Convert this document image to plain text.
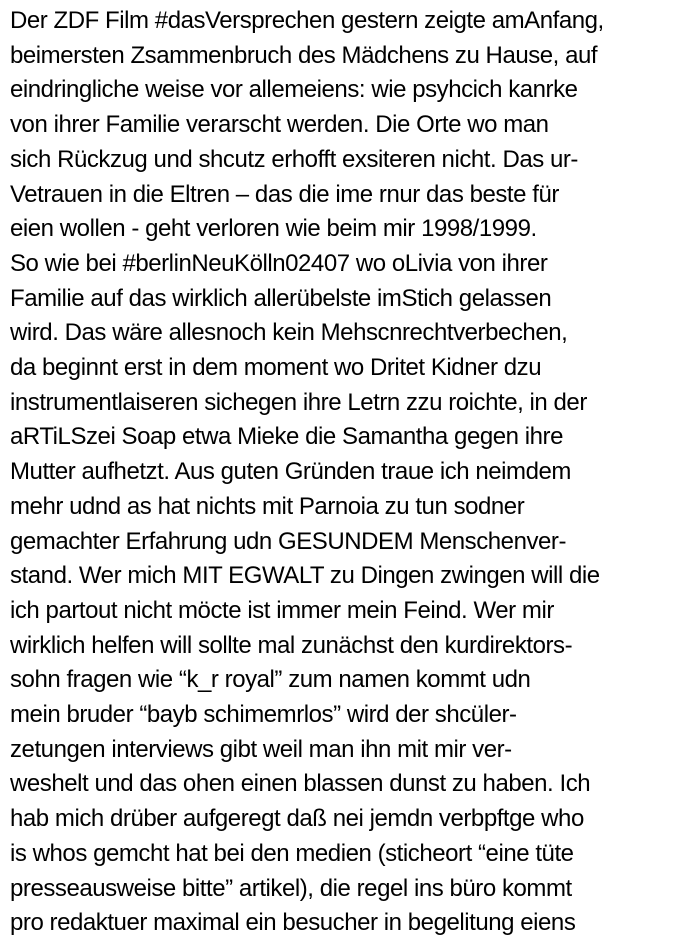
Der ZDF Film #dasVersprechen gestern zeigte amAnfang,
beimersten Zsammenbruch des Mädchens zu Hause, auf
eindringliche weise vor allemeiens: wie psyhcich kanrke
von ihrer Familie verarscht werden. Die Orte wo man
sich Rückzug und shcutz erhofft exsiteren nicht. Das ur-
Vetrauen in die Eltren – das die ime rnur das beste für
eien wollen - geht verloren wie beim mir 1998/1999.
So wie bei #berlinNeuKölln02407 wo oLivia von ihrer
Familie auf das wirklich allerübelste imStich gelassen
wird. Das wäre allesnoch kein Mehscnrechtverbechen,
da beginnt erst in dem moment wo Dritet Kidner dzu
instrumentlaiseren sichegen ihre Letrn zzu roichte, in der
aRTiLSzei Soap etwa Mieke die Samantha gegen ihre
Mutter aufhetzt. Aus guten Gründen traue ich neimdem
mehr udnd as hat nichts mit Parnoia zu tun sodner
gemachter Erfahrung udn GESUNDEM Menschenver-
stand. Wer mich MIT EGWALT zu Dingen zwingen will die
ich partout nicht möcte ist immer mein Feind. Wer mir
wirklich helfen will sollte mal zunächst den kurdirektors-
sohn fragen wie “k_r royal” zum namen kommt udn
mein bruder “bayb schimemrlos” wird der shcüler-
zetungen interviews gibt weil man ihn mit mir ver-
weshelt und das ohen einen blassen dunst zu haben. Ich
hab mich drüber aufgeregt daß nei jemdn verbpftge who
is whos gemcht hat bei den medien (sticheort “eine tüte
presseausweise bitte” artikel), die regel ins büro kommt
pro redaktuer maximal ein besucher in begelitung eiens
